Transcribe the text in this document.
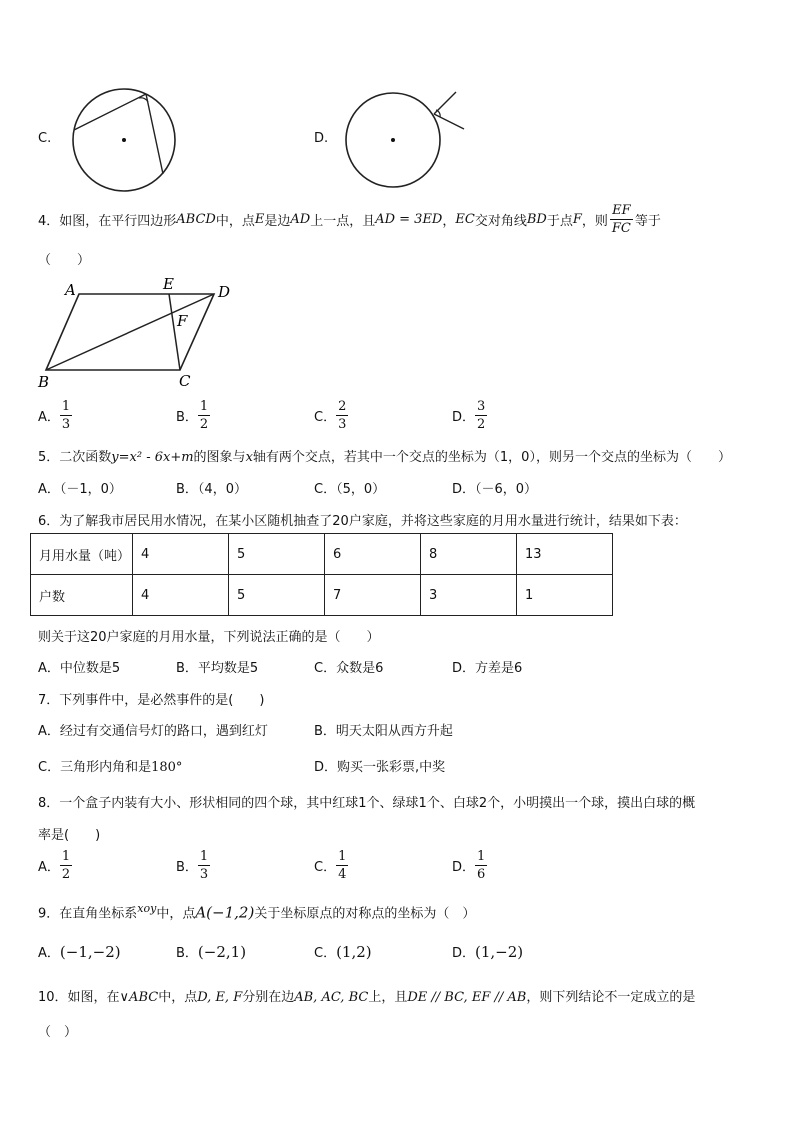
C.	D.
4．如图，在平行四边形 ABCD 中，点 E 是边 AD 上一点，且 AD = 3ED ， EC 交对角线 BD 于点 F ，则 $\frac{EF}{FC}$ 等于
（　　）
A	E	D
F
B	C
A． $\frac{1}{3}$	B． $\frac{1}{2}$	C． $\frac{2}{3}$	D． $\frac{3}{2}$
5．二次函数y=x² - 6x+m的图象与x轴有两个交点，若其中一个交点的坐标为（1，0），则另一个交点的坐标为（　　）
A．（－1，0）	B．（4，0）	C．（5，0）	D．（－6，0）
6．为了解我市居民用水情况，在某小区随机抽查了20户家庭，并将这些家庭的月用水量进行统计，结果如下表：
月用水量（吨）	4	5	6	8	13
户数	4	5	7	3	1
则关于这20户家庭的月用水量，下列说法正确的是（　　）
A．中位数是5	B．平均数是5	C．众数是6	D．方差是6
7．下列事件中，是必然事件的是(　　)
A．经过有交通信号灯的路口，遇到红灯	B．明天太阳从西方升起
C．三角形内角和是180°	D．购买一张彩票,中奖
8．一个盒子内装有大小、形状相同的四个球，其中红球1个、绿球1个、白球2个，小明摸出一个球，摸出白球的概
率是(　　)
A． $\frac{1}{2}$	B． $\frac{1}{3}$	C． $\frac{1}{4}$	D． $\frac{1}{6}$
9．在直角坐标系$^{xoy}$中，点A(−1,2)关于坐标原点的对称点的坐标为（　）
A．(−1,−2)	B．(−2,1)	C．(1,2)	D．(1,−2)
10．如图，在∨ABC中，点D, E, F分别在边AB, AC, BC上，且DE // BC, EF // AB，则下列结论不一定成立的是
（　）
